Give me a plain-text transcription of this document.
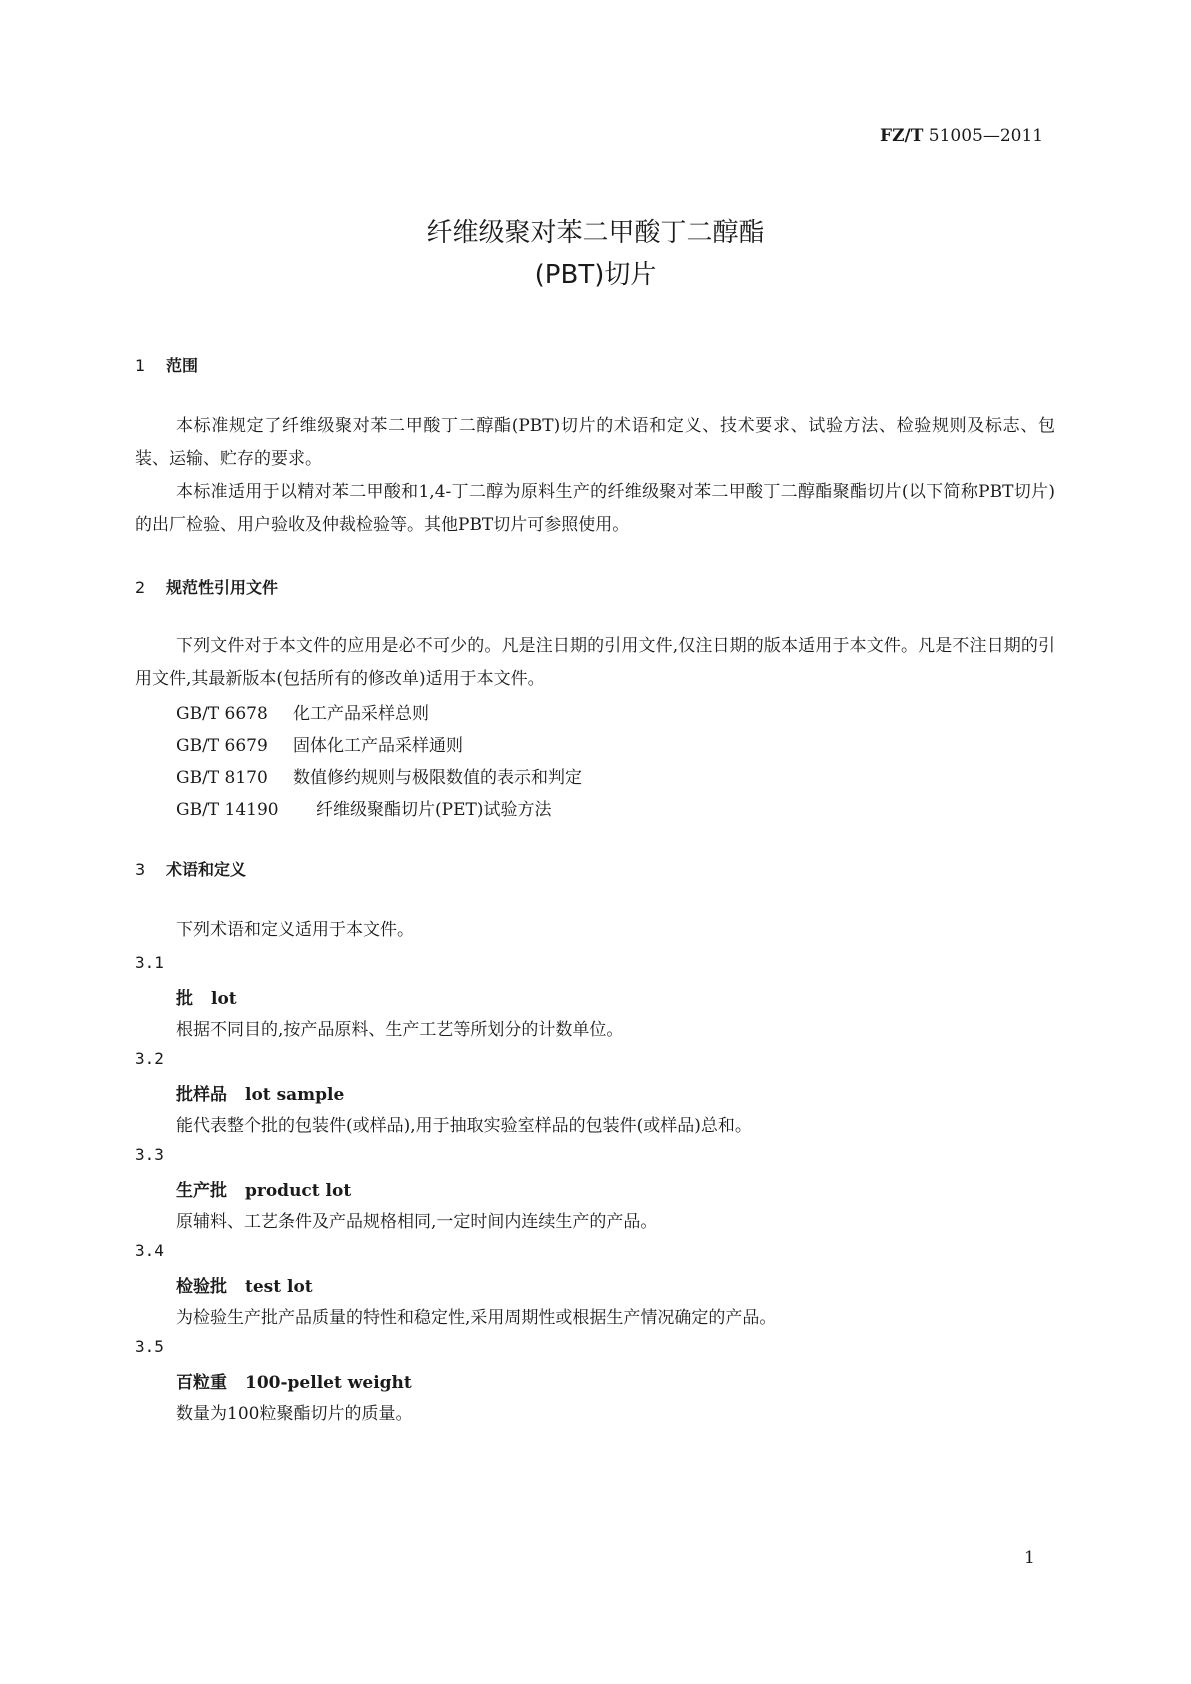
FZ/T 51005—2011
纤维级聚对苯二甲酸丁二醇酯
(PBT)切片
1 范围
本标准规定了纤维级聚对苯二甲酸丁二醇酯(PBT)切片的术语和定义、技术要求、试验方法、检验规则及标志、包装、运输、贮存的要求。
本标准适用于以精对苯二甲酸和1,4-丁二醇为原料生产的纤维级聚对苯二甲酸丁二醇酯聚酯切片(以下简称PBT切片)的出厂检验、用户验收及仲裁检验等。其他PBT切片可参照使用。
2 规范性引用文件
下列文件对于本文件的应用是必不可少的。凡是注日期的引用文件,仅注日期的版本适用于本文件。凡是不注日期的引用文件,其最新版本(包括所有的修改单)适用于本文件。
GB/T 6678 化工产品采样总则
GB/T 6679 固体化工产品采样通则
GB/T 8170 数值修约规则与极限数值的表示和判定
GB/T 14190 纤维级聚酯切片(PET)试验方法
3 术语和定义
下列术语和定义适用于本文件。
3.1
批 lot
根据不同目的,按产品原料、生产工艺等所划分的计数单位。
3.2
批样品 lot sample
能代表整个批的包装件(或样品),用于抽取实验室样品的包装件(或样品)总和。
3.3
生产批 product lot
原辅料、工艺条件及产品规格相同,一定时间内连续生产的产品。
3.4
检验批 test lot
为检验生产批产品质量的特性和稳定性,采用周期性或根据生产情况确定的产品。
3.5
百粒重 100-pellet weight
数量为100粒聚酯切片的质量。
1
